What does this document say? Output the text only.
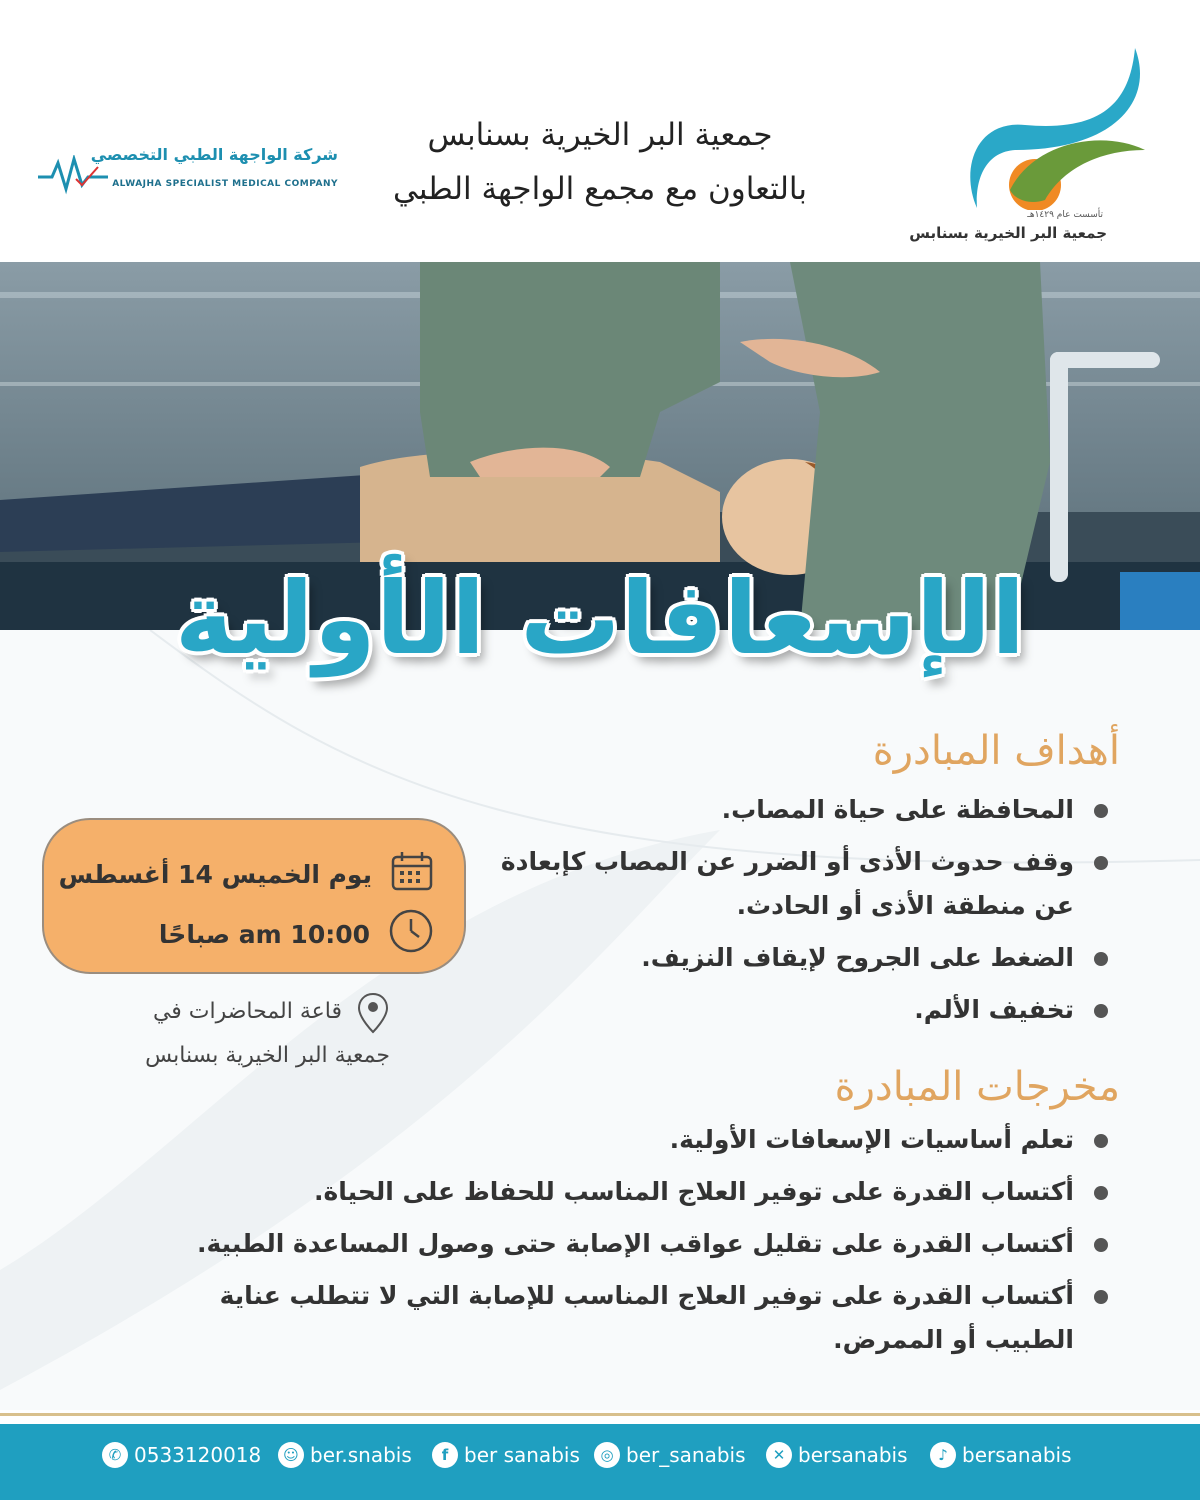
تأسست عام ١٤٢٩هـ
جمعية البر الخيرية بسنابس
جمعية البر الخيرية بسنابس
بالتعاون مع مجمع الواجهة الطبي
شركة الواجهة الطبي التخصصي
ALWAJHA SPECIALIST MEDICAL COMPANY
الإسعافات الأولية
أهداف المبادرة
المحافظة على حياة المصاب.
وقف حدوث الأذى أو الضرر عن المصاب كإبعادة عن منطقة الأذى أو الحادث.
الضغط على الجروح لإيقاف النزيف.
تخفيف الألم.
مخرجات المبادرة
تعلم أساسيات الإسعافات الأولية.
أكتساب القدرة على توفير العلاج المناسب للحفاظ على الحياة.
أكتساب القدرة على تقليل عواقب الإصابة حتى وصول المساعدة الطبية.
أكتساب القدرة على توفير العلاج المناسب للإصابة التي لا تتطلب عناية الطبيب أو الممرض.
يوم الخميس 14 أغسطس
10:00 am صباحًا
قاعة المحاضرات في
جمعية البر الخيرية بسنابس
✆ 0533120018	☺ ber.snabis	f ber sanabis	◎ ber_sanabis	✕ bersanabis	♪ bersanabis
